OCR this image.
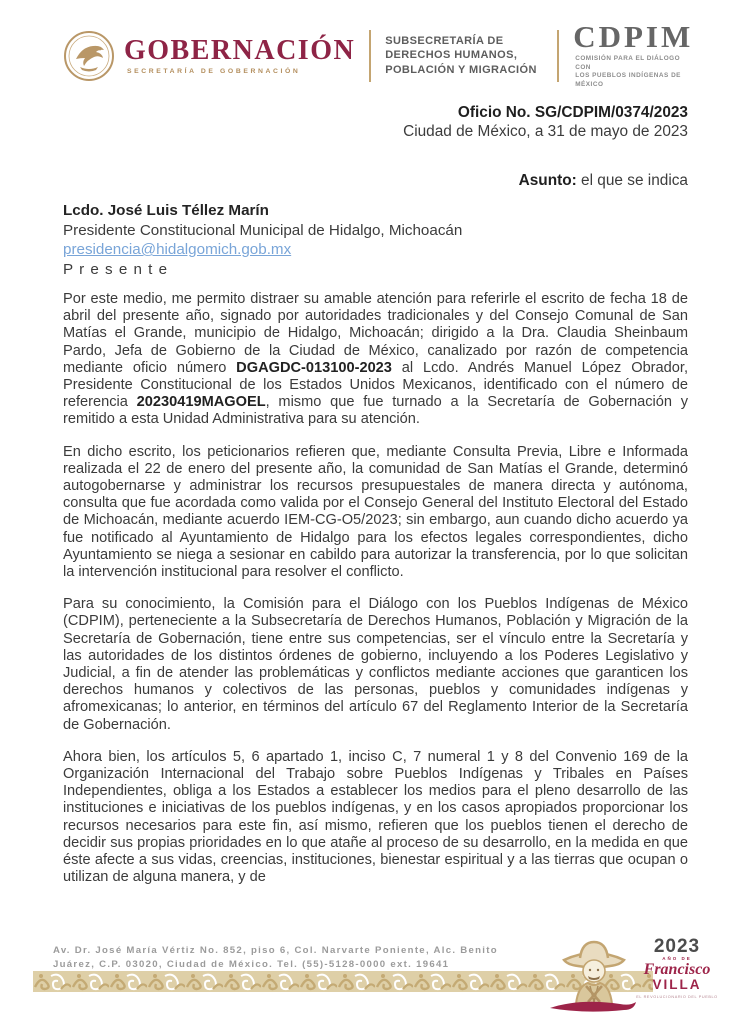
GOBERNACIÓN
SECRETARÍA DE GOBERNACIÓN
SUBSECRETARÍA DE
DERECHOS HUMANOS,
POBLACIÓN Y MIGRACIÓN
CDPIM
COMISIÓN PARA EL DIÁLOGO CON
LOS PUEBLOS INDÍGENAS DE MÉXICO
Oficio No. SG/CDPIM/0374/2023
Ciudad de México, a 31 de mayo de 2023
Asunto: el que se indica
Lcdo. José Luis Téllez Marín
Presidente Constitucional Municipal de Hidalgo, Michoacán
presidencia@hidalgomich.gob.mx
P r e s e n t e

Por este medio, me permito distraer su amable atención para referirle el escrito de fecha 18 de abril del presente año, signado por autoridades tradicionales y del Consejo Comunal de San Matías el Grande, municipio de Hidalgo, Michoacán; dirigido a la Dra. Claudia Sheinbaum Pardo, Jefa de Gobierno de la Ciudad de México, canalizado por razón de competencia mediante oficio número DGAGDC-013100-2023 al Lcdo. Andrés Manuel López Obrador, Presidente Constitucional de los Estados Unidos Mexicanos, identificado con el número de referencia 20230419MAGOEL, mismo que fue turnado a la Secretaría de Gobernación y remitido a esta Unidad Administrativa para su atención.

En dicho escrito, los peticionarios refieren que, mediante Consulta Previa, Libre e Informada realizada el 22 de enero del presente año, la comunidad de San Matías el Grande, determinó autogobernarse y administrar los recursos presupuestales de manera directa y autónoma, consulta que fue acordada como valida por el Consejo General del Instituto Electoral del Estado de Michoacán, mediante acuerdo IEM-CG-O5/2023; sin embargo, aun cuando dicho acuerdo ya fue notificado al Ayuntamiento de Hidalgo para los efectos legales correspondientes, dicho Ayuntamiento se niega a sesionar en cabildo para autorizar la transferencia, por lo que solicitan la intervención institucional para resolver el conflicto.

Para su conocimiento, la Comisión para el Diálogo con los Pueblos Indígenas de México (CDPIM), perteneciente a la Subsecretaría de Derechos Humanos, Población y Migración de la Secretaría de Gobernación, tiene entre sus competencias, ser el vínculo entre la Secretaría y las autoridades de los distintos órdenes de gobierno, incluyendo a los Poderes Legislativo y Judicial, a fin de atender las problemáticas y conflictos mediante acciones que garanticen los derechos humanos y colectivos de las personas, pueblos y comunidades indígenas y afromexicanas; lo anterior, en términos del artículo 67 del Reglamento Interior de la Secretaría de Gobernación.

Ahora bien, los artículos 5, 6 apartado 1, inciso C, 7 numeral 1 y 8 del Convenio 169 de la Organización Internacional del Trabajo sobre Pueblos Indígenas y Tribales en Países Independientes, obliga a los Estados a establecer los medios para el pleno desarrollo de las instituciones e iniciativas de los pueblos indígenas, y en los casos apropiados proporcionar los recursos necesarios para este fin, así mismo, refieren que los pueblos tienen el derecho de decidir sus propias prioridades en lo que atañe al proceso de su desarrollo, en la medida en que éste afecte a sus vidas, creencias, instituciones, bienestar espiritual y a las tierras que ocupan o utilizan de alguna manera, y de

Av. Dr. José María Vértiz No. 852, piso 6, Col. Narvarte Poniente, Alc. Benito
Juárez, C.P. 03020, Ciudad de México. Tel. (55)-5128-0000 ext. 19641
2023
AÑO DE
Francisco
VILLA
EL REVOLUCIONARIO DEL PUEBLO
